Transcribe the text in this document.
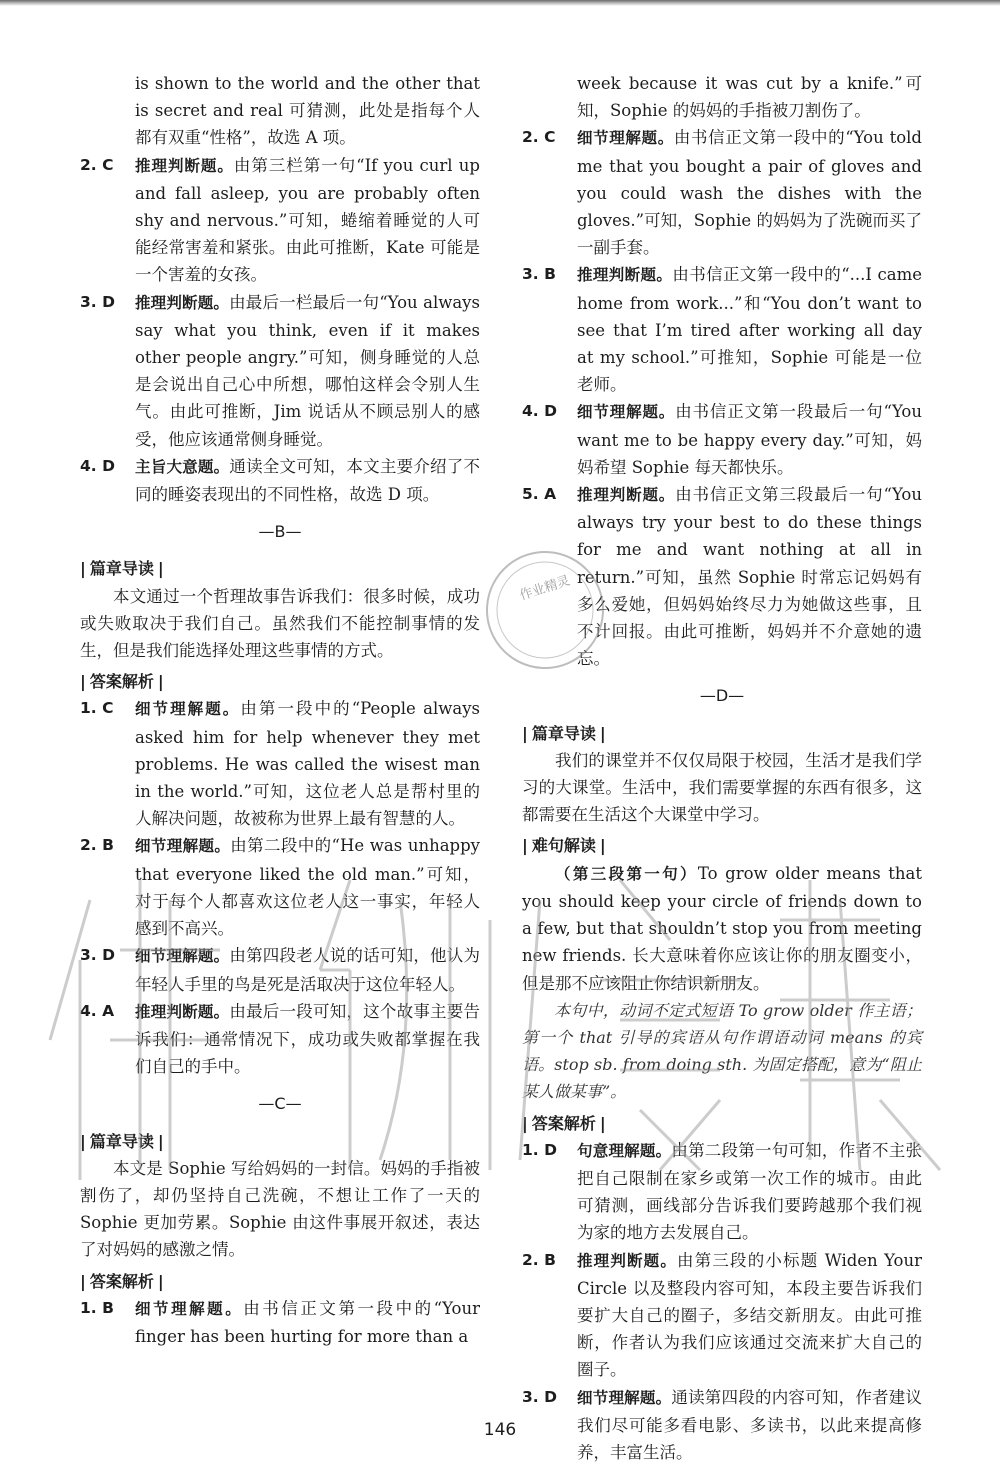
is shown to the world and the other that is secret and real 可猜测，此处是指每个人都有双重“性格”，故选 A 项。
2. C	推理判断题。由第三栏第一句“If you curl up and fall asleep, you are probably often shy and nervous.”可知，蜷缩着睡觉的人可能经常害羞和紧张。由此可推断，Kate 可能是一个害羞的女孩。
3. D	推理判断题。由最后一栏最后一句“You always say what you think, even if it makes other people angry.”可知，侧身睡觉的人总是会说出自己心中所想，哪怕这样会令别人生气。由此可推断，Jim 说话从不顾忌别人的感受，他应该通常侧身睡觉。
4. D	主旨大意题。通读全文可知，本文主要介绍了不同的睡姿表现出的不同性格，故选 D 项。
—B—
| 篇章导读 |
本文通过一个哲理故事告诉我们：很多时候，成功或失败取决于我们自己。虽然我们不能控制事情的发生，但是我们能选择处理这些事情的方式。
| 答案解析 |
1. C	细节理解题。由第一段中的“People always asked him for help whenever they met problems. He was called the wisest man in the world.”可知，这位老人总是帮村里的人解决问题，故被称为世界上最有智慧的人。
2. B	细节理解题。由第二段中的“He was unhappy that everyone liked the old man.”可知，对于每个人都喜欢这位老人这一事实，年轻人感到不高兴。
3. D	细节理解题。由第四段老人说的话可知，他认为年轻人手里的鸟是死是活取决于这位年轻人。
4. A	推理判断题。由最后一段可知，这个故事主要告诉我们：通常情况下，成功或失败都掌握在我们自己的手中。
—C—
| 篇章导读 |
本文是 Sophie 写给妈妈的一封信。妈妈的手指被割伤了，却仍坚持自己洗碗，不想让工作了一天的 Sophie 更加劳累。Sophie 由这件事展开叙述，表达了对妈妈的感激之情。
| 答案解析 |
1. B	细节理解题。由书信正文第一段中的“Your finger has been hurting for more than a
week because it was cut by a knife.”可知，Sophie 的妈妈的手指被刀割伤了。
2. C	细节理解题。由书信正文第一段中的“You told me that you bought a pair of gloves and you could wash the dishes with the gloves.”可知，Sophie 的妈妈为了洗碗而买了一副手套。
3. B	推理判断题。由书信正文第一段中的“...I came home from work...”和“You don’t want to see that I’m tired after working all day at my school.”可推知，Sophie 可能是一位老师。
4. D	细节理解题。由书信正文第一段最后一句“You want me to be happy every day.”可知，妈妈希望 Sophie 每天都快乐。
5. A	推理判断题。由书信正文第三段最后一句“You always try your best to do these things for me and want nothing at all in return.”可知，虽然 Sophie 时常忘记妈妈有多么爱她，但妈妈始终尽力为她做这些事，且不计回报。由此可推断，妈妈并不介意她的遗忘。
—D—
| 篇章导读 |
我们的课堂并不仅仅局限于校园，生活才是我们学习的大课堂。生活中，我们需要掌握的东西有很多，这都需要在生活这个大课堂中学习。
| 难句解读 |
（第三段第一句）To grow older means that you should keep your circle of friends down to a few, but that shouldn’t stop you from meeting new friends. 长大意味着你应该让你的朋友圈变小，但是那不应该阻止你结识新朋友。
本句中，动词不定式短语 To grow older 作主语；第一个 that 引导的宾语从句作谓语动词 means 的宾语。stop sb. from doing sth. 为固定搭配，意为“阻止某人做某事”。
| 答案解析 |
1. D	句意理解题。由第二段第一句可知，作者不主张把自己限制在家乡或第一次工作的城市。由此可猜测，画线部分告诉我们要跨越那个我们视为家的地方去发展自己。
2. B	推理判断题。由第三段的小标题 Widen Your Circle 以及整段内容可知，本段主要告诉我们要扩大自己的圈子，多结交新朋友。由此可推断，作者认为我们应该通过交流来扩大自己的圈子。
3. D	细节理解题。通读第四段的内容可知，作者建议我们尽可能多看电影、多读书，以此来提高修养，丰富生活。
作业精灵
146
